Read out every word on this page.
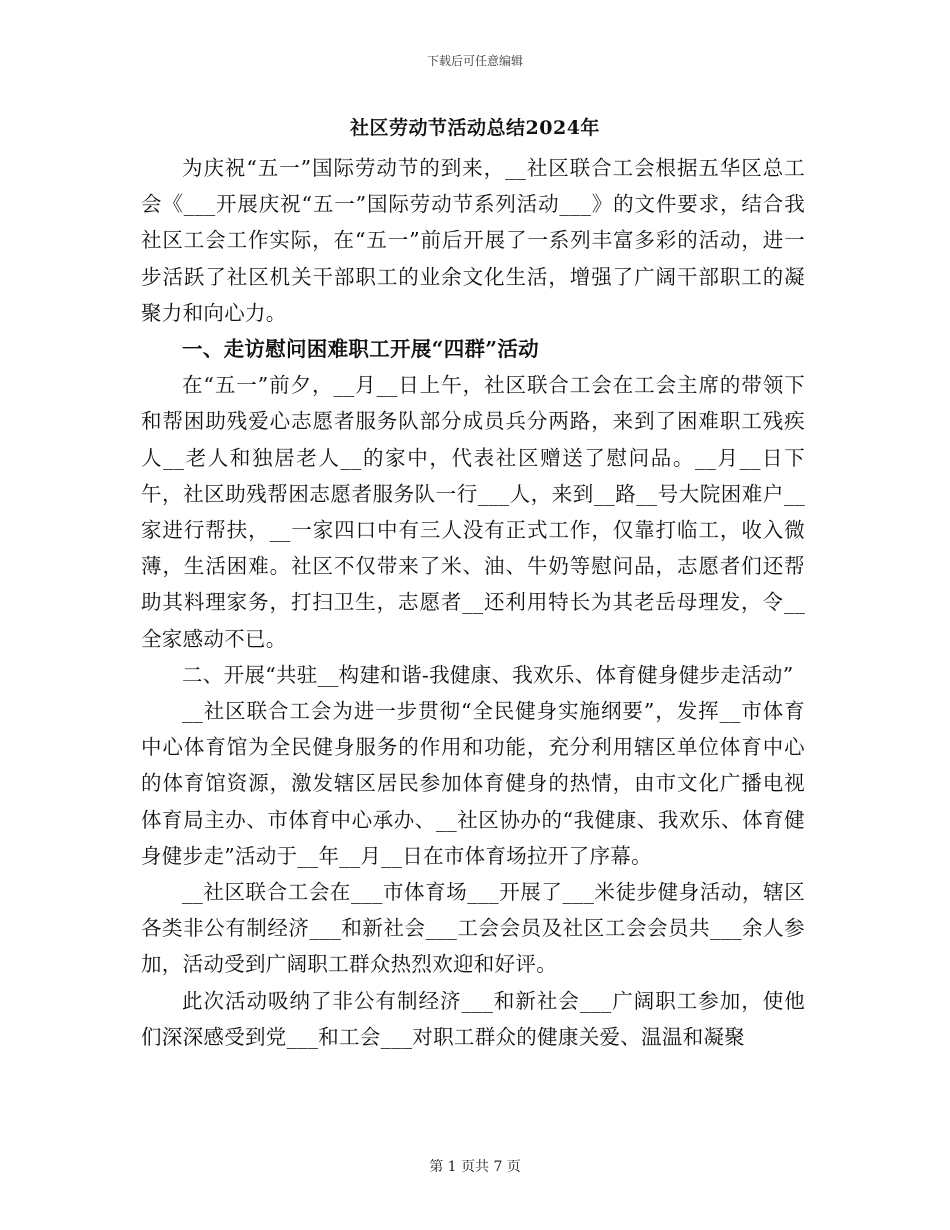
下载后可任意编辑
社区劳动节活动总结2024年

为庆祝“五一”国际劳动节的到来，__社区联合工会根据五华区总工会《___开展庆祝“五一”国际劳动节系列活动___》的文件要求，结合我社区工会工作实际，在“五一”前后开展了一系列丰富多彩的活动，进一步活跃了社区机关干部职工的业余文化生活，增强了广阔干部职工的凝聚力和向心力。

一、走访慰问困难职工开展“四群”活动

在“五一”前夕，__月__日上午，社区联合工会在工会主席的带领下和帮困助残爱心志愿者服务队部分成员兵分两路，来到了困难职工残疾人__老人和独居老人__的家中，代表社区赠送了慰问品。__月__日下午，社区助残帮困志愿者服务队一行___人，来到__路__号大院困难户__家进行帮扶，__一家四口中有三人没有正式工作，仅靠打临工，收入微薄，生活困难。社区不仅带来了米、油、牛奶等慰问品，志愿者们还帮助其料理家务，打扫卫生，志愿者__还利用特长为其老岳母理发，令__全家感动不已。

二、开展“共驻__构建和谐-我健康、我欢乐、体育健身健步走活动”

__社区联合工会为进一步贯彻“全民健身实施纲要”，发挥__市体育中心体育馆为全民健身服务的作用和功能，充分利用辖区单位体育中心的体育馆资源，激发辖区居民参加体育健身的热情，由市文化广播电视体育局主办、市体育中心承办、__社区协办的“我健康、我欢乐、体育健身健步走”活动于__年__月__日在市体育场拉开了序幕。

__社区联合工会在___市体育场___开展了___米徒步健身活动，辖区各类非公有制经济___和新社会___工会会员及社区工会会员共___余人参加，活动受到广阔职工群众热烈欢迎和好评。

此次活动吸纳了非公有制经济___和新社会___广阔职工参加，使他们深深感受到党___和工会___对职工群众的健康关爱、温温和凝聚

第 1 页共 7 页
